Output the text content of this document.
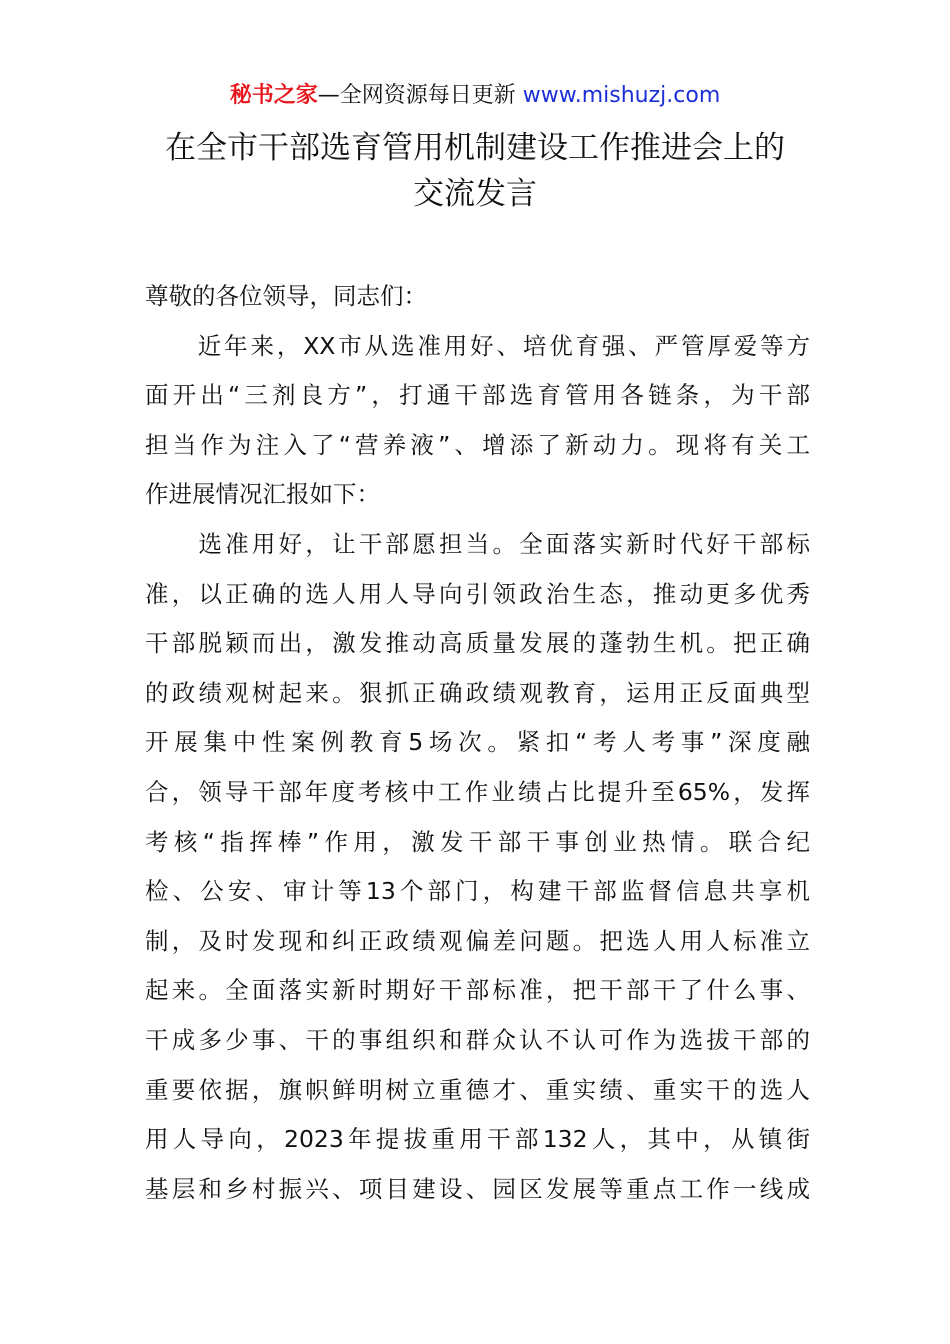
秘书之家—全网资源每日更新 www.mishuzj.com
在全市干部选育管用机制建设工作推进会上的
交流发言
尊敬的各位领导，同志们：
　　近年来，XX市从选准用好、培优育强、严管厚爱等方
面开出“三剂良方”，打通干部选育管用各链条，为干部
担当作为注入了“营养液”、增添了新动力。现将有关工
作进展情况汇报如下：
　　选准用好，让干部愿担当。全面落实新时代好干部标
准，以正确的选人用人导向引领政治生态，推动更多优秀
干部脱颖而出，激发推动高质量发展的蓬勃生机。把正确
的政绩观树起来。狠抓正确政绩观教育，运用正反面典型
开展集中性案例教育5场次。紧扣“考人考事”深度融
合，领导干部年度考核中工作业绩占比提升至65%，发挥
考核“指挥棒”作用，激发干部干事创业热情。联合纪
检、公安、审计等13个部门，构建干部监督信息共享机
制，及时发现和纠正政绩观偏差问题。把选人用人标准立
起来。全面落实新时期好干部标准，把干部干了什么事、
干成多少事、干的事组织和群众认不认可作为选拔干部的
重要依据，旗帜鲜明树立重德才、重实绩、重实干的选人
用人导向，2023年提拔重用干部132人，其中，从镇街
基层和乡村振兴、项目建设、园区发展等重点工作一线成
